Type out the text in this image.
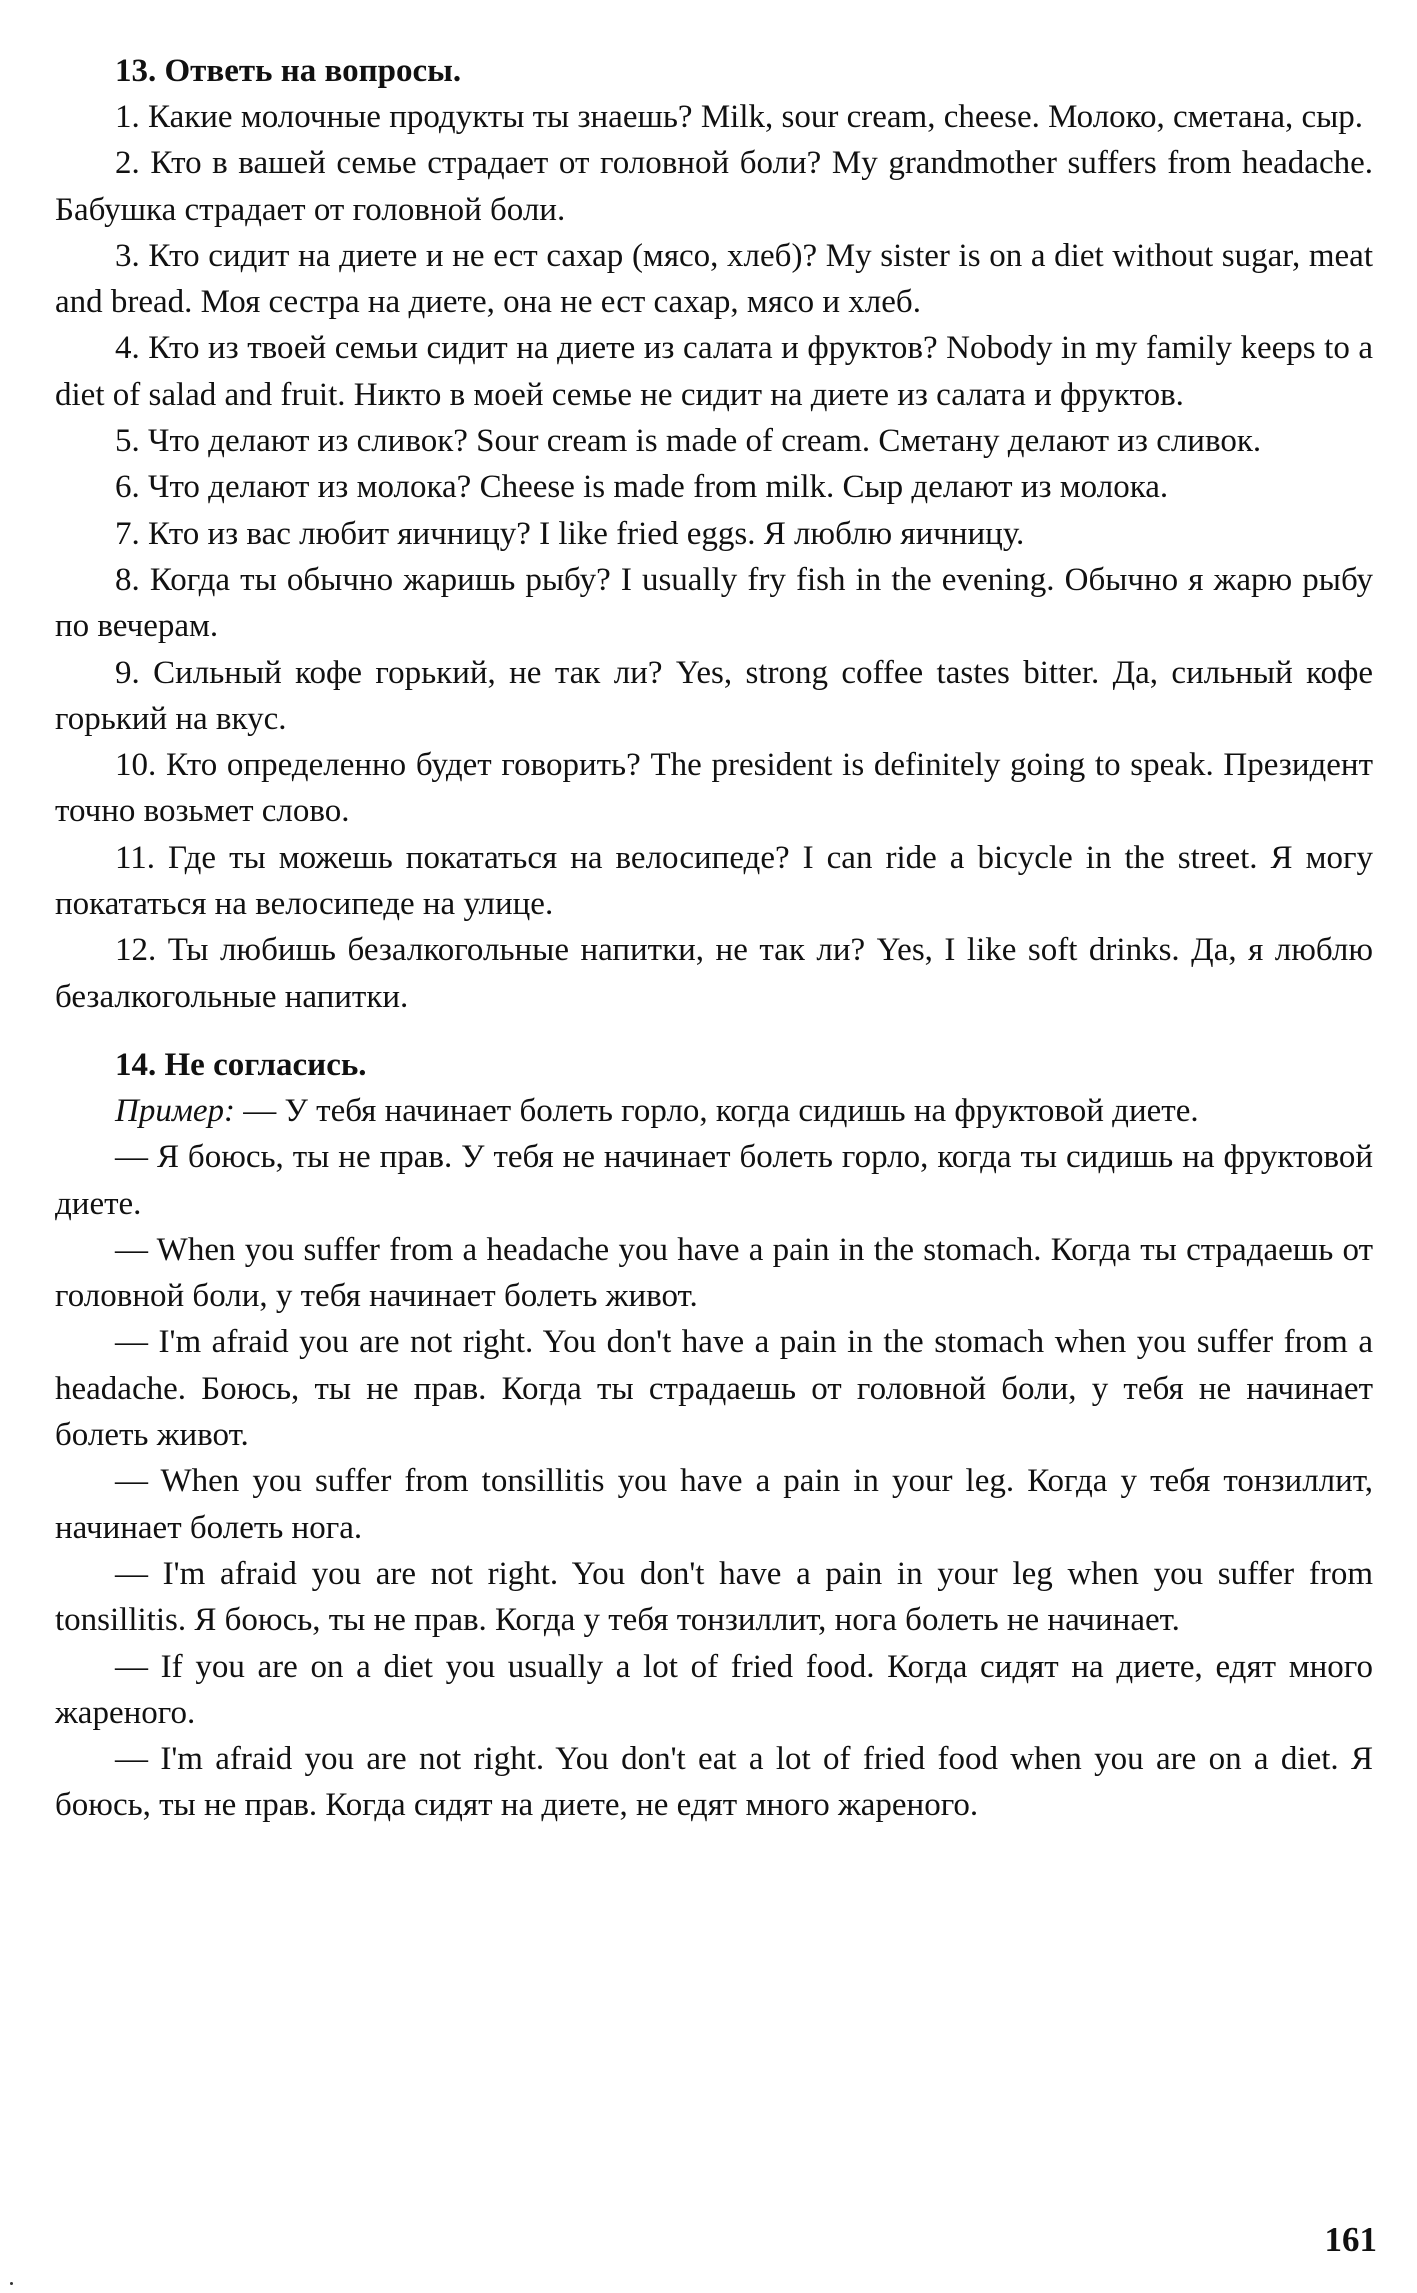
13. Ответь на вопросы.

1. Какие молочные продукты ты знаешь? Milk, sour cream, cheese. Молоко, сметана, сыр.

2. Кто в вашей семье страдает от головной боли? My grandmother suffers from headache. Бабушка страдает от головной боли.

3. Кто сидит на диете и не ест сахар (мясо, хлеб)? My sister is on a diet without sugar, meat and bread. Моя сестра на диете, она не ест сахар, мясо и хлеб.

4. Кто из твоей семьи сидит на диете из салата и фруктов? Nobody in my family keeps to a diet of salad and fruit. Никто в моей семье не сидит на диете из салата и фруктов.

5. Что делают из сливок? Sour cream is made of cream. Сметану делают из сливок.

6. Что делают из молока? Cheese is made from milk. Сыр делают из молока.

7. Кто из вас любит яичницу? I like fried eggs. Я люблю яичницу.

8. Когда ты обычно жаришь рыбу? I usually fry fish in the evening. Обычно я жарю рыбу по вечерам.

9. Сильный кофе горький, не так ли? Yes, strong coffee tastes bitter. Да, сильный кофе горький на вкус.

10. Кто определенно будет говорить? The president is definitely going to speak. Президент точно возьмет слово.

11. Где ты можешь покататься на велосипеде? I can ride a bicycle in the street. Я могу покататься на велосипеде на улице.

12. Ты любишь безалкогольные напитки, не так ли? Yes, I like soft drinks. Да, я люблю безалкогольные напитки.

14. Не согласись.

Пример: — У тебя начинает болеть горло, когда сидишь на фруктовой диете.

— Я боюсь, ты не прав. У тебя не начинает болеть горло, когда ты сидишь на фруктовой диете.

— When you suffer from a headache you have a pain in the stomach. Когда ты страдаешь от головной боли, у тебя начинает болеть живот.

— I'm afraid you are not right. You don't have a pain in the stomach when you suffer from a headache. Боюсь, ты не прав. Когда ты страдаешь от головной боли, у тебя не начинает болеть живот.

— When you suffer from tonsillitis you have a pain in your leg. Когда у тебя тонзиллит, начинает болеть нога.

— I'm afraid you are not right. You don't have a pain in your leg when you suffer from tonsillitis. Я боюсь, ты не прав. Когда у тебя тонзиллит, нога болеть не начинает.

— If you are on a diet you usually a lot of fried food. Когда сидят на диете, едят много жареного.

— I'm afraid you are not right. You don't eat a lot of fried food when you are on a diet. Я боюсь, ты не прав. Когда сидят на диете, не едят много жареного.

161
